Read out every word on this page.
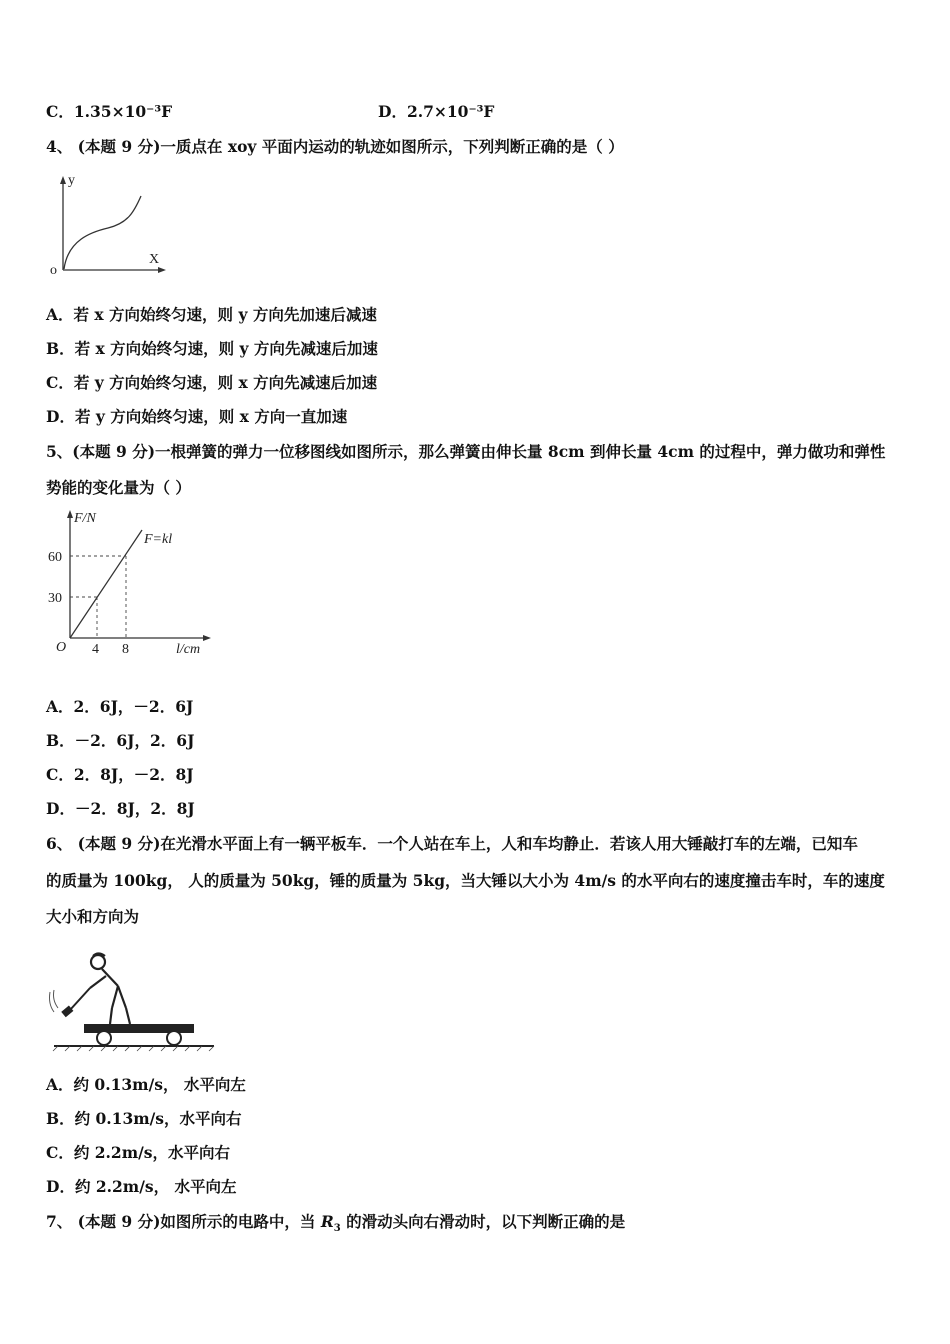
C．1.35×10⁻³F	D．2.7×10⁻³F
4、 (本题 9 分)一质点在 xoy 平面内运动的轨迹如图所示，下列判断正确的是（ ）
y
X
o
A．若 x 方向始终匀速，则 y 方向先加速后减速
B．若 x 方向始终匀速，则 y 方向先减速后加速
C．若 y 方向始终匀速，则 x 方向先减速后加速
D．若 y 方向始终匀速，则 x 方向一直加速
5、(本题 9 分)一根弹簧的弹力一位移图线如图所示，那么弹簧由伸长量 8cm 到伸长量 4cm 的过程中，弹力做功和弹性
势能的变化量为（ ）
F/N
F=kl
60
30
O 4 8	l/cm
A．2．6J，－2．6J
B．－2．6J，2．6J
C．2．8J，－2．8J
D．－2．8J，2．8J
6、 (本题 9 分)在光滑水平面上有一辆平板车．一个人站在车上，人和车均静止．若该人用大锤敲打车的左端，已知车
的质量为 100kg， 人的质量为 50kg，锤的质量为 5kg，当大锤以大小为 4m/s 的水平向右的速度撞击车时，车的速度
大小和方向为
A．约 0.13m/s， 水平向左
B．约 0.13m/s，水平向右
C．约 2.2m/s，水平向右
D．约 2.2m/s， 水平向左
7、 (本题 9 分)如图所示的电路中，当 $R_3$ 的滑动头向右滑动时，以下判断正确的是
